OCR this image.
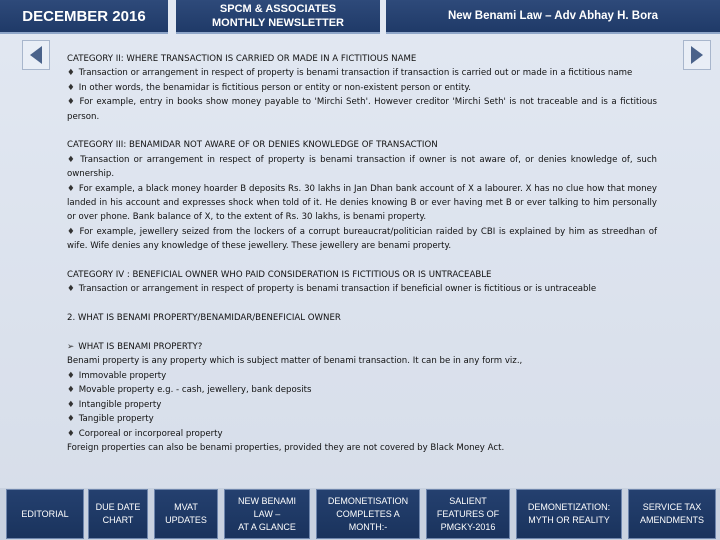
DECEMBER 2016	SPCM & ASSOCIATES
MONTHLY NEWSLETTER
New Benami Law – Adv Abhay H. Bora

CATEGORY II: WHERE TRANSACTION IS CARRIED OR MADE IN A FICTITIOUS NAME

♦ Transaction or arrangement in respect of property is benami transaction if transaction is carried out or made in a fictitious name

♦ In other words, the benamidar is fictitious person or entity or non-existent person or entity.

♦ For example, entry in books show money payable to 'Mirchi Seth'. However creditor 'Mirchi Seth' is not traceable and is a fictitious person.

CATEGORY III: BENAMIDAR NOT AWARE OF OR DENIES KNOWLEDGE OF TRANSACTION

♦ Transaction or arrangement in respect of property is benami transaction if owner is not aware of, or denies knowledge of, such ownership.

♦ For example, a black money hoarder B deposits Rs. 30 lakhs in Jan Dhan bank account of X a labourer. X has no clue how that money landed in his account and expresses shock when told of it. He denies knowing B or ever having met B or ever talking to him personally or over phone. Bank balance of X, to the extent of Rs. 30 lakhs, is benami property.

♦ For example, jewellery seized from the lockers of a corrupt bureaucrat/politician raided by CBI is explained by him as streedhan of wife. Wife denies any knowledge of these jewellery. These jewellery are benami property.

CATEGORY IV : BENEFICIAL OWNER WHO PAID CONSIDERATION IS FICTITIOUS OR IS UNTRACEABLE

♦ Transaction or arrangement in respect of property is benami transaction if beneficial owner is fictitious or is untraceable

2. WHAT IS BENAMI PROPERTY/BENAMIDAR/BENEFICIAL OWNER

➢ WHAT IS BENAMI PROPERTY?

Benami property is any property which is subject matter of benami transaction. It can be in any form viz.,

♦ Immovable property

♦ Movable property e.g. - cash, jewellery, bank deposits

♦ Intangible property

♦ Tangible property

♦ Corporeal or incorporeal property

Foreign properties can also be benami properties, provided they are not covered by Black Money Act.

EDITORIAL
DUE DATE
CHART
MVAT
UPDATES
NEW BENAMI
LAW –
AT A GLANCE
DEMONETISATION
COMPLETES A
MONTH:-
SALIENT
FEATURES OF
PMGKY-2016
DEMONETIZATION:
MYTH OR REALITY
SERVICE TAX
AMENDMENTS
